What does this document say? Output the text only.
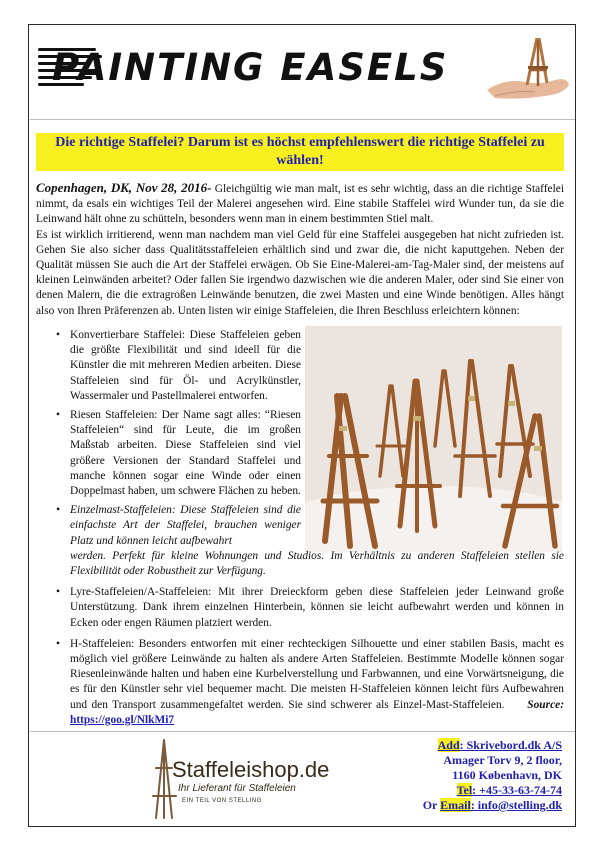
PAINTING EASELS
Die richtige Staffelei? Darum ist es höchst empfehlenswert die richtige Staffelei zu wählen!

Copenhagen, DK, Nov 28, 2016- Gleichgültig wie man malt, ist es sehr wichtig, dass an die richtige Staffelei nimmt, da esals ein wichtiges Teil der Malerei angesehen wird. Eine stabile Staffelei wird Wunder tun, da sie die Leinwand hält ohne zu schütteln, besonders wenn man in einem bestimmten Stiel malt.

Es ist wirklich irritierend, wenn man nachdem man viel Geld für eine Staffelei ausgegeben hat nicht zufrieden ist. Gehen Sie also sicher dass Qualitätsstaffeleien erhältlich sind und zwar die, die nicht kaputtgehen. Neben der Qualität müssen Sie auch die Art der Staffelei erwägen. Ob Sie Eine-Malerei-am-Tag-Maler sind, der meistens auf kleinen Leinwänden arbeitet? Oder fallen Sie irgendwo dazwischen wie die anderen Maler, oder sind Sie einer von denen Malern, die die extragroßen Leinwände benutzen, die zwei Masten und eine Winde benötigen. Alles hängt also von Ihren Präferenzen ab. Unten listen wir einige Staffeleien, die Ihren Beschluss erleichtern können:

• Konvertierbare Staffelei: Diese Staffeleien geben die größte Flexibilität und sind ideell für die Künstler die mit mehreren Medien arbeiten. Diese Staffeleien sind für Öl- und Acrylkünstler, Wassermaler und Pastellmalerei entworfen.
• Riesen Staffeleien: Der Name sagt alles: “Riesen Staffeleien“ sind für Leute, die im großen Maßstab arbeiten. Diese Staffeleien sind viel größere Versionen der Standard Staffelei und manche können sogar eine Winde oder einen Doppelmast haben, um schwere Flächen zu heben.
• Einzelmast-Staffeleien: Diese Staffeleien sind die einfachste Art der Staffelei, brauchen weniger Platz und können leicht aufbewahrt
werden. Perfekt für kleine Wohnungen und Studios. Im Verhältnis zu anderen Staffeleien stellen sie Flexibilität oder Robustheit zur Verfügung.
• Lyre-Staffeleien/A-Staffeleien: Mit ihrer Dreieckform geben diese Staffeleien jeder Leinwand große Unterstützung. Dank ihrem einzelnen Hinterbein, können sie leicht aufbewahrt werden und können in Ecken oder engen Räumen platziert werden.
• H-Staffeleien: Besonders entworfen mit einer rechteckigen Silhouette und einer stabilen Basis, macht es möglich viel größere Leinwände zu halten als andere Arten Staffeleien. Bestimmte Modelle können sogar Riesenleinwände halten und haben eine Kurbelverstellung und Farbwannen, und eine Vorwärtsneigung, die es für den Künstler sehr viel bequemer macht. Die meisten H-Staffeleien können leicht fürs Aufbewahren und den Transport zusammengefaltet werden. Sie sind schwerer als Einzel-Mast-Staffeleien. Source: https://goo.gl/NlkMi7
Staffeleishop.de
Ihr Lieferant für Staffeleien
EIN TEIL VON STELLING
Add: Skrivebord.dk A/S
Amager Torv 9, 2 floor,
1160 København, DK
Tel: +45-33-63-74-74
Or Email: info@stelling.dk
